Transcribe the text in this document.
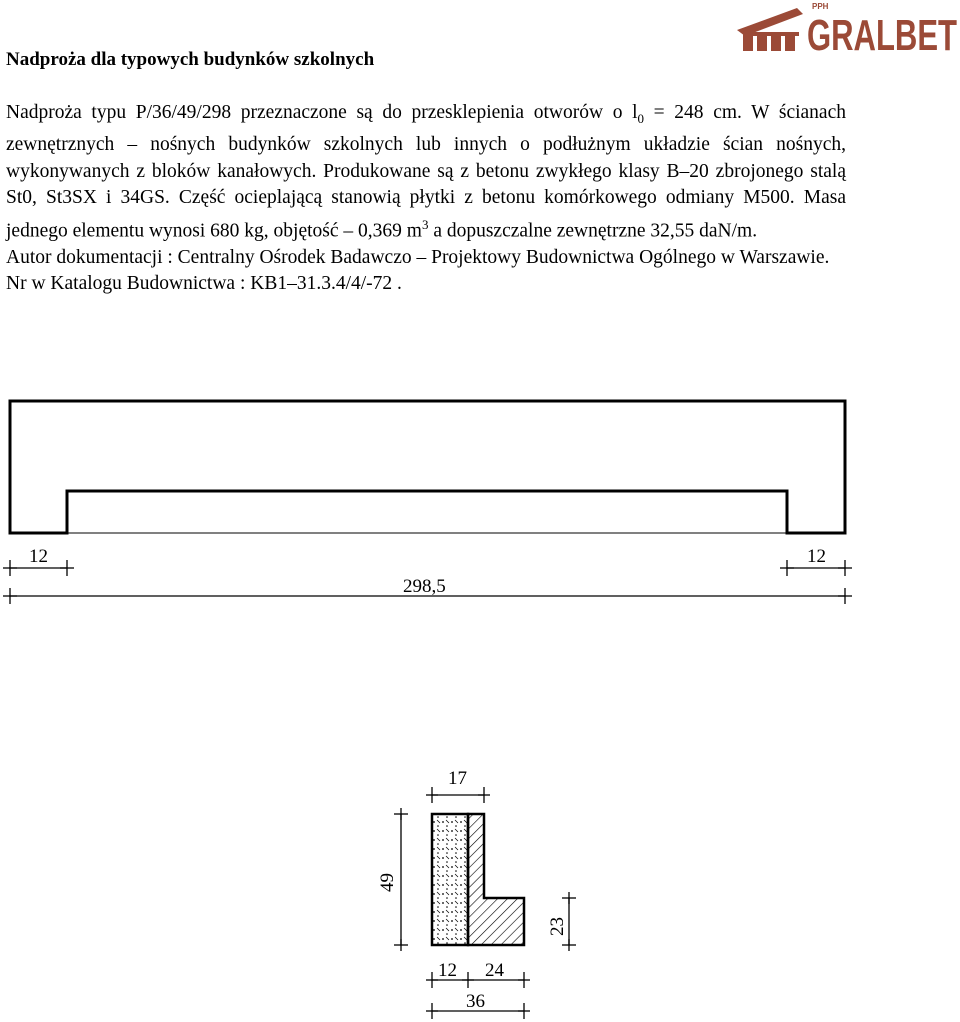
PPH
GRALBET
Nadproża dla typowych budynków szkolnych

Nadproża typu P/36/49/298 przeznaczone są do przesklepienia otworów o $l_0 = 248$ cm. W ścianach zewnętrznych – nośnych budynków szkolnych lub innych o podłużnym układzie ścian nośnych, wykonywanych z bloków kanałowych. Produkowane są z betonu zwykłego klasy B–20 zbrojonego stalą St0, St3SX i 34GS. Część ocieplającą stanowią płytki z betonu komórkowego odmiany M500. Masa jednego elementu wynosi 680 kg, objętość – 0,369 $m^3$ a dopuszczalne zewnętrzne 32,55 daN/m.

Autor dokumentacji : Centralny Ośrodek Badawczo – Projektowy Budownictwa Ogólnego w Warszawie.

Nr w Katalogu Budownictwa : KB1–31.3.4/4/-72 .

12	12
298,5
17
49
23
12 24
36
